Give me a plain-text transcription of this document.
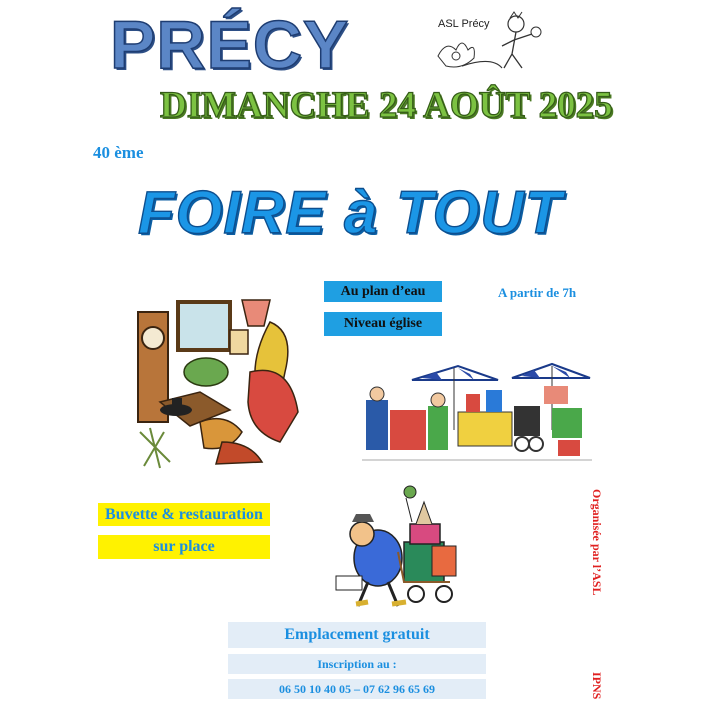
PRÉCY	ASL Précy
DIMANCHE 24 AOÛT 2025
40 ème
FOIRE à TOUT
Au plan d’eau
Niveau église
A partir de 7h
Buvette & restauration
sur place
Emplacement gratuit
Inscription au :
06 50 10 40 05 – 07 62 96 65 69
Organisée par l’ASL
IPNS
